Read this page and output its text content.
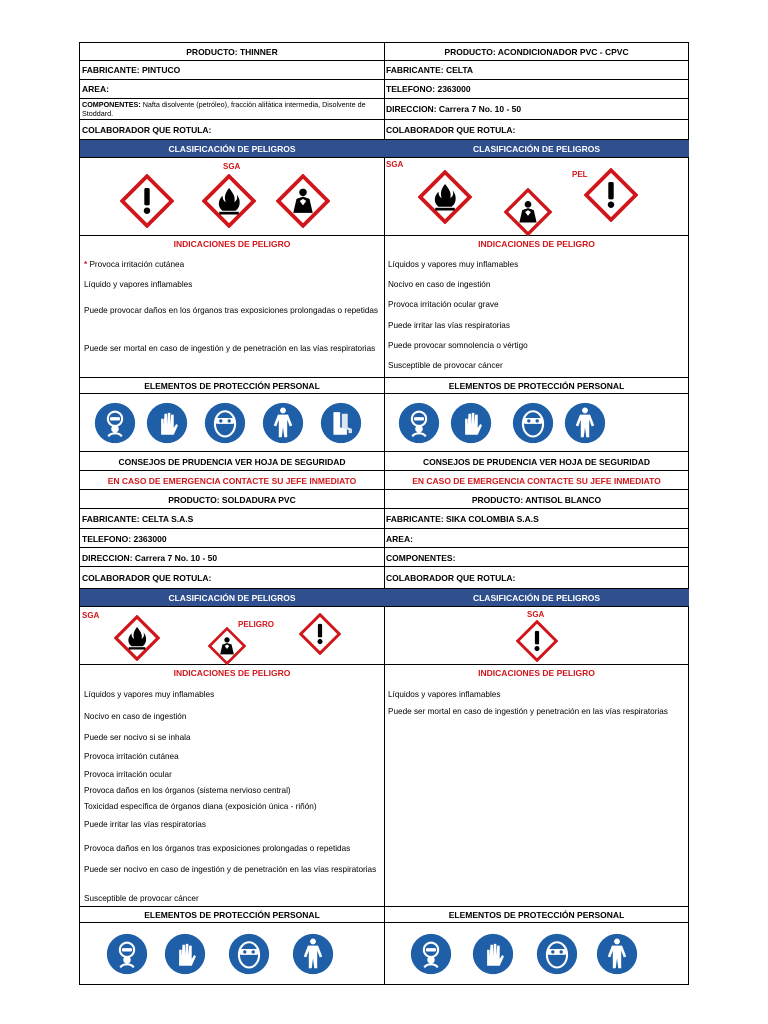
PRODUCTO: THINNER
FABRICANTE: PINTUCO
AREA:
COMPONENTES: Nafta disolvente (petróleo), fracción alifática intermedia, Disolvente de Stoddard.
COLABORADOR QUE ROTULA:
CLASIFICACIÓN DE PELIGROS
SGA
INDICACIONES DE PELIGRO
* Provoca irritación cutánea
Líquido y vapores inflamables
Puede provocar daños en los órganos tras exposiciones prolongadas o repetidas
Puede ser mortal en caso de ingestión y de penetración en las vías respiratorias
ELEMENTOS DE PROTECCIÓN PERSONAL
CONSEJOS DE PRUDENCIA VER HOJA DE SEGURIDAD
EN CASO DE EMERGENCIA CONTACTE SU JEFE INMEDIATO
PRODUCTO: SOLDADURA PVC
FABRICANTE: CELTA S.A.S
TELEFONO: 2363000
DIRECCION: Carrera 7 No. 10 - 50
COLABORADOR QUE ROTULA:
CLASIFICACIÓN DE PELIGROS
SGA
PELIGRO
INDICACIONES DE PELIGRO
Líquidos y vapores muy inflamables
Nocivo en caso de ingestión
Puede ser nocivo si se inhala
Provoca irritación cutánea
Provoca irritación ocular
Provoca daños en los órganos (sistema nervioso central)
Toxicidad específica de órganos diana (exposición única - riñón)
Puede irritar las vías respiratorias
Provoca daños en los órganos tras exposiciones prolongadas o repetidas
Puede ser nocivo en caso de ingestión y de penetración en las vías respiratorias
Susceptible de provocar cáncer
ELEMENTOS DE PROTECCIÓN PERSONAL
PRODUCTO: ACONDICIONADOR PVC - CPVC
FABRICANTE: CELTA
TELEFONO: 2363000
DIRECCION: Carrera 7 No. 10 - 50
COLABORADOR QUE ROTULA:
CLASIFICACIÓN DE PELIGROS
SGA
PEL
INDICACIONES DE PELIGRO
Líquidos y vapores muy inflamables
Nocivo en caso de ingestión
Provoca irritación ocular grave
Puede irritar las vías respiratorias
Puede provocar somnolencia o vértigo
Susceptible de provocar cáncer
ELEMENTOS DE PROTECCIÓN PERSONAL
CONSEJOS DE PRUDENCIA VER HOJA DE SEGURIDAD
EN CASO DE EMERGENCIA CONTACTE SU JEFE INMEDIATO
PRODUCTO: ANTISOL BLANCO
FABRICANTE: SIKA COLOMBIA S.A.S
AREA:
COMPONENTES:
COLABORADOR QUE ROTULA:
CLASIFICACIÓN DE PELIGROS
SGA
INDICACIONES DE PELIGRO
Líquidos y vapores inflamables
Puede ser mortal en caso de ingestión y penetración en las vías respiratorias
ELEMENTOS DE PROTECCIÓN PERSONAL
